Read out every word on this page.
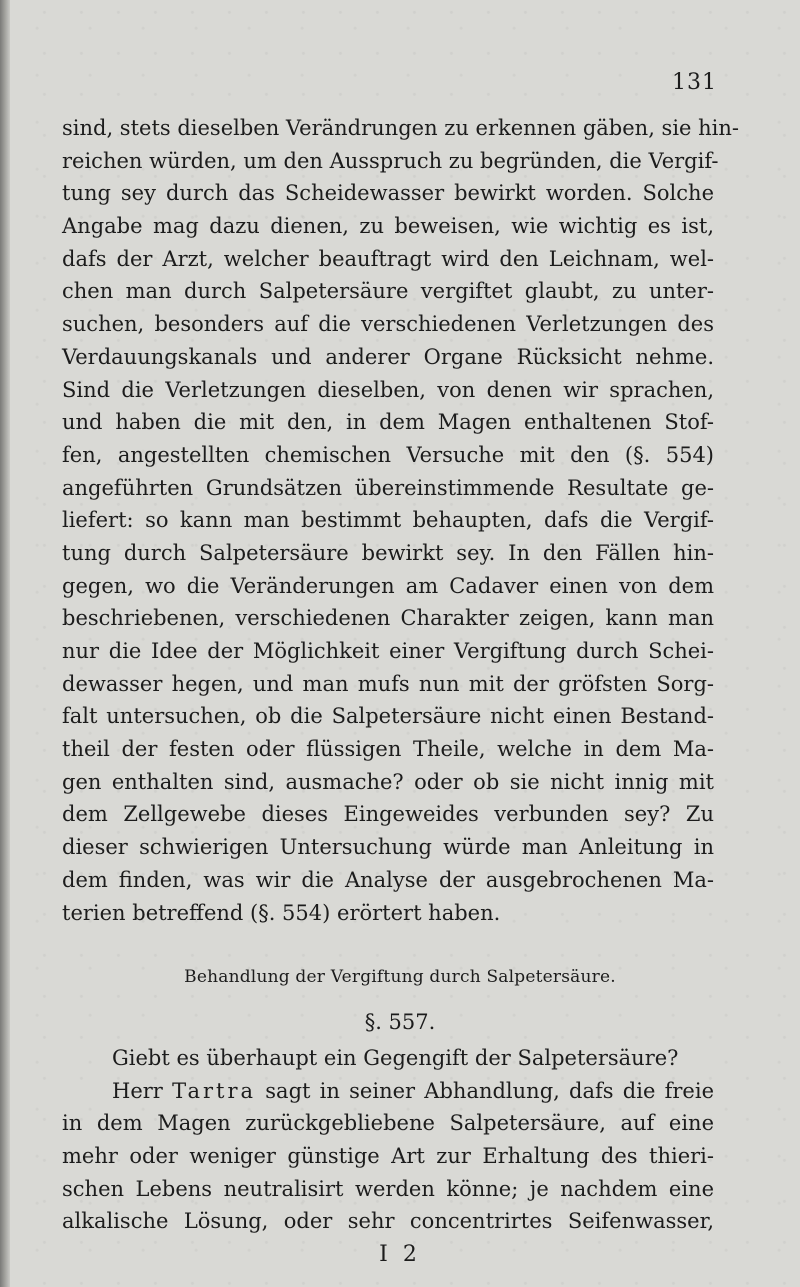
131
sind, stets dieselben Verändrungen zu erkennen gäben, sie hin-
reichen würden, um den Ausspruch zu begründen, die Vergif-
tung sey durch das Scheidewasser bewirkt worden. Solche
Angabe mag dazu dienen, zu beweisen, wie wichtig es ist,
dafs der Arzt, welcher beauftragt wird den Leichnam, wel-
chen man durch Salpetersäure vergiftet glaubt, zu unter-
suchen, besonders auf die verschiedenen Verletzungen des
Verdauungskanals und anderer Organe Rücksicht nehme.
Sind die Verletzungen dieselben, von denen wir sprachen,
und haben die mit den, in dem Magen enthaltenen Stof-
fen, angestellten chemischen Versuche mit den (§. 554)
angeführten Grundsätzen übereinstimmende Resultate ge-
liefert: so kann man bestimmt behaupten, dafs die Vergif-
tung durch Salpetersäure bewirkt sey. In den Fällen hin-
gegen, wo die Veränderungen am Cadaver einen von dem
beschriebenen, verschiedenen Charakter zeigen, kann man
nur die Idee der Möglichkeit einer Vergiftung durch Schei-
dewasser hegen, und man mufs nun mit der gröfsten Sorg-
falt untersuchen, ob die Salpetersäure nicht einen Bestand-
theil der festen oder flüssigen Theile, welche in dem Ma-
gen enthalten sind, ausmache? oder ob sie nicht innig mit
dem Zellgewebe dieses Eingeweides verbunden sey? Zu
dieser schwierigen Untersuchung würde man Anleitung in
dem finden, was wir die Analyse der ausgebrochenen Ma-
terien betreffend (§. 554) erörtert haben.
Behandlung der Vergiftung durch Salpetersäure.
§. 557.
Giebt es überhaupt ein Gegengift der Salpetersäure?
Herr Tartra sagt in seiner Abhandlung, dafs die freie
in dem Magen zurückgebliebene Salpetersäure, auf eine
mehr oder weniger günstige Art zur Erhaltung des thieri-
schen Lebens neutralisirt werden könne; je nachdem eine
alkalische Lösung, oder sehr concentrirtes Seifenwasser,
I 2
